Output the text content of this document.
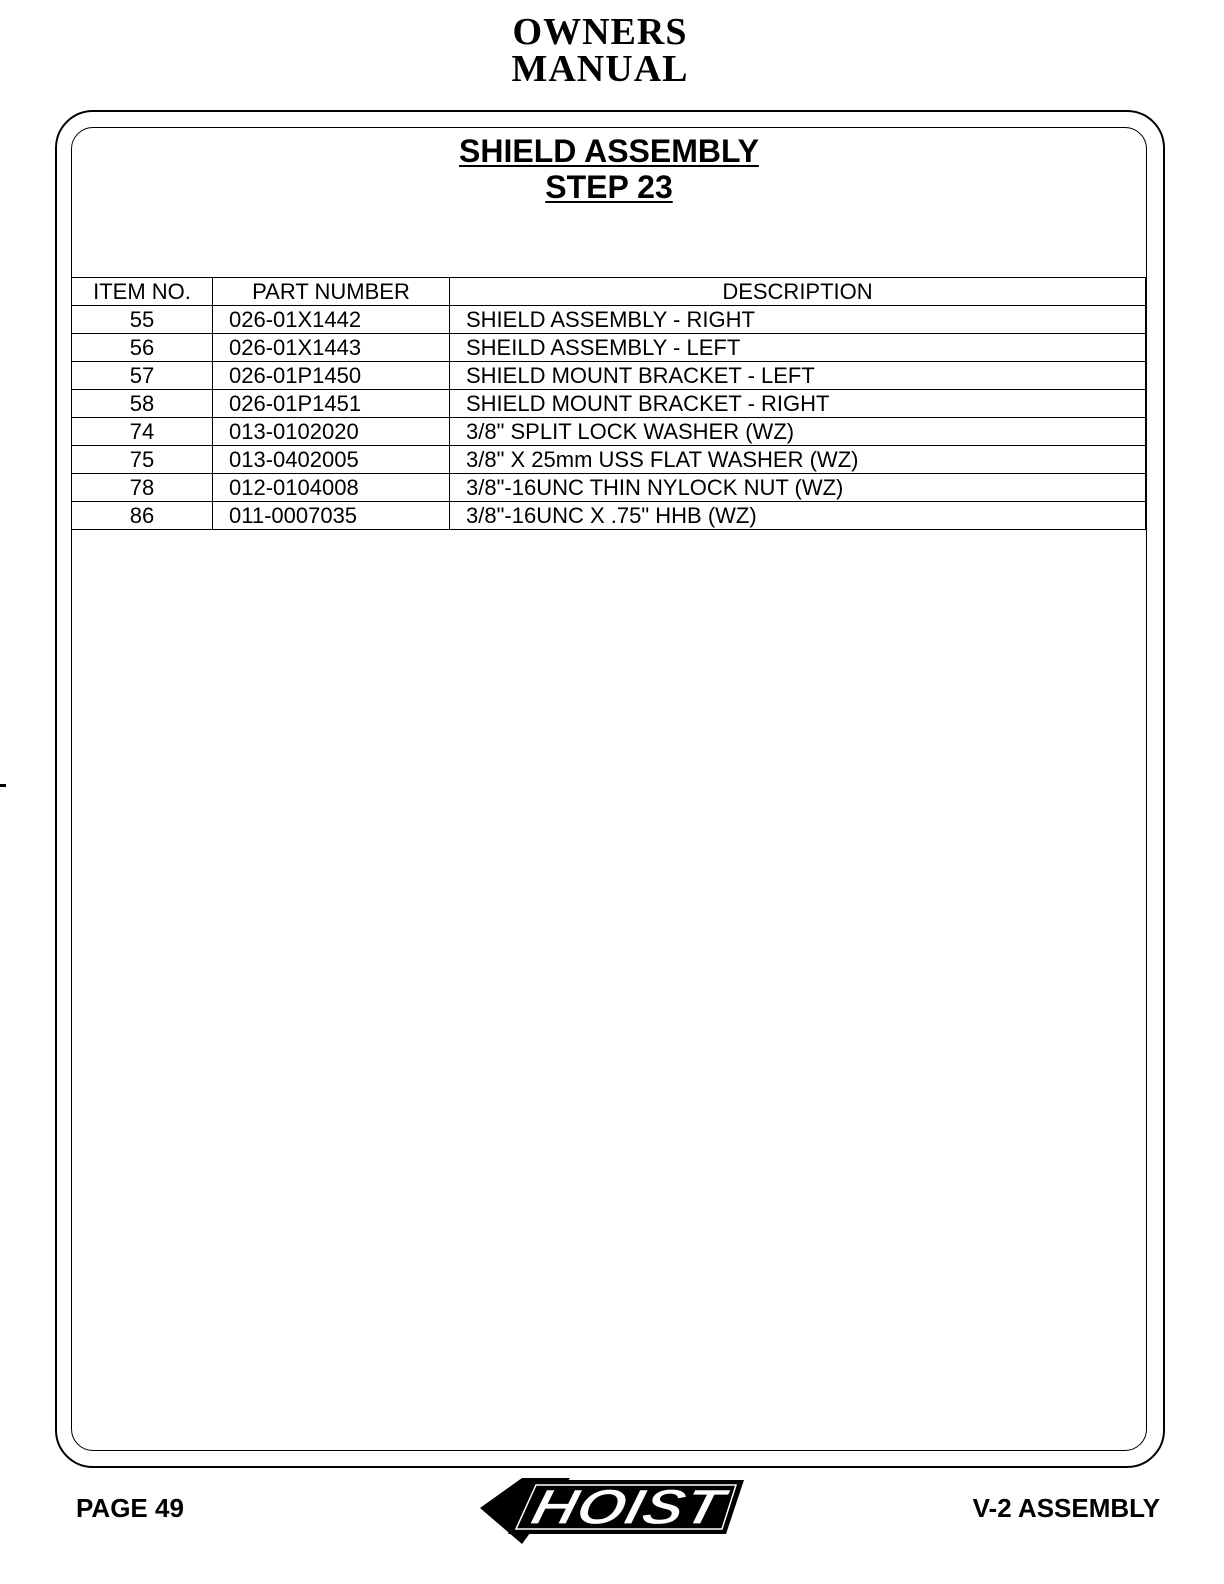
OWNERS
MANUAL
SHIELD ASSEMBLY
STEP 23
ITEM NO.	PART NUMBER	DESCRIPTION
55	026-01X1442	SHIELD ASSEMBLY - RIGHT
56	026-01X1443	SHEILD ASSEMBLY - LEFT
57	026-01P1450	SHIELD MOUNT BRACKET - LEFT
58	026-01P1451	SHIELD MOUNT BRACKET - RIGHT
74	013-0102020	3/8" SPLIT LOCK WASHER (WZ)
75	013-0402005	3/8" X 25mm USS FLAT WASHER (WZ)
78	012-0104008	3/8"-16UNC THIN NYLOCK NUT (WZ)
86	011-0007035	3/8"-16UNC X .75" HHB (WZ)
PAGE 49	HOIST	V-2 ASSEMBLY
